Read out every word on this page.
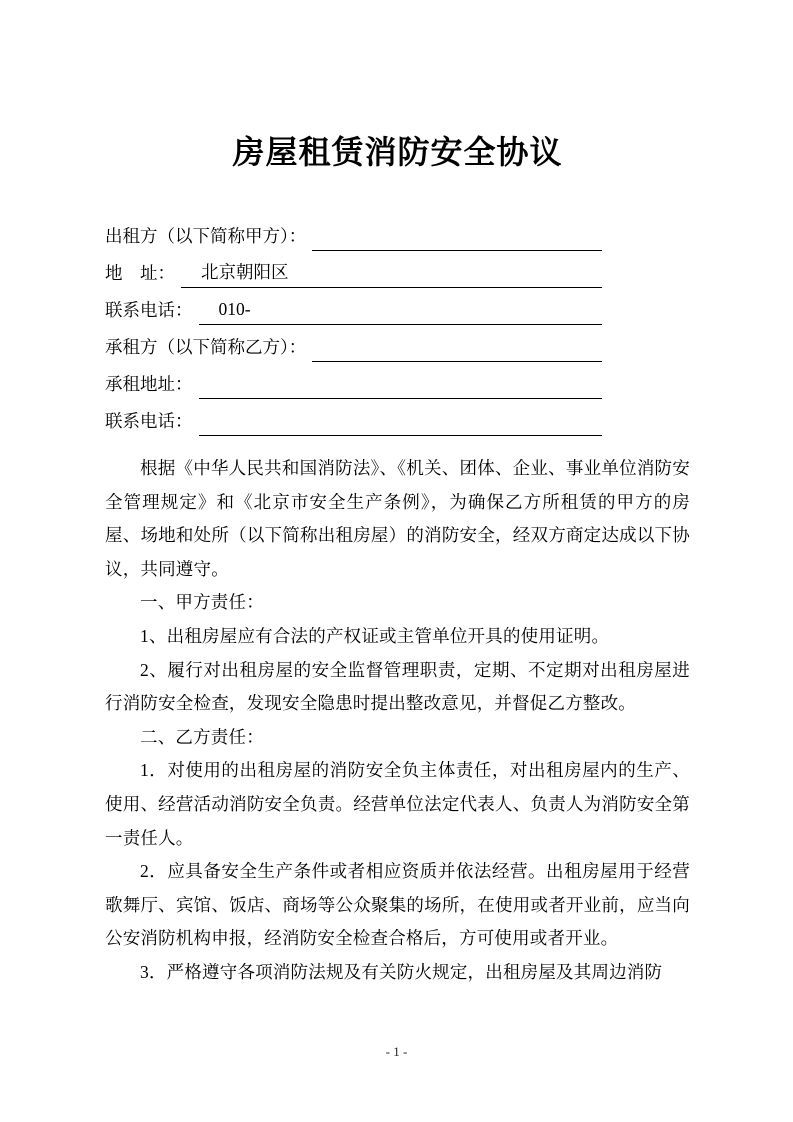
房屋租赁消防安全协议
出租方（以下简称甲方）：
地　址：	北京朝阳区
联系电话：	010-
承租方（以下简称乙方）：
承租地址：
联系电话：

根据《中华人民共和国消防法》、《机关、团体、企业、事业单位消防安全管理规定》和《北京市安全生产条例》，为确保乙方所租赁的甲方的房屋、场地和处所（以下简称出租房屋）的消防安全，经双方商定达成以下协议，共同遵守。

一、甲方责任：

1、出租房屋应有合法的产权证或主管单位开具的使用证明。

2、履行对出租房屋的安全监督管理职责，定期、不定期对出租房屋进行消防安全检查，发现安全隐患时提出整改意见，并督促乙方整改。

二、乙方责任：

1．对使用的出租房屋的消防安全负主体责任，对出租房屋内的生产、使用、经营活动消防安全负责。经营单位法定代表人、负责人为消防安全第一责任人。

2．应具备安全生产条件或者相应资质并依法经营。出租房屋用于经营歌舞厅、宾馆、饭店、商场等公众聚集的场所，在使用或者开业前，应当向公安消防机构申报，经消防安全检查合格后，方可使用或者开业。

3．严格遵守各项消防法规及有关防火规定，出租房屋及其周边消防

- 1 -
